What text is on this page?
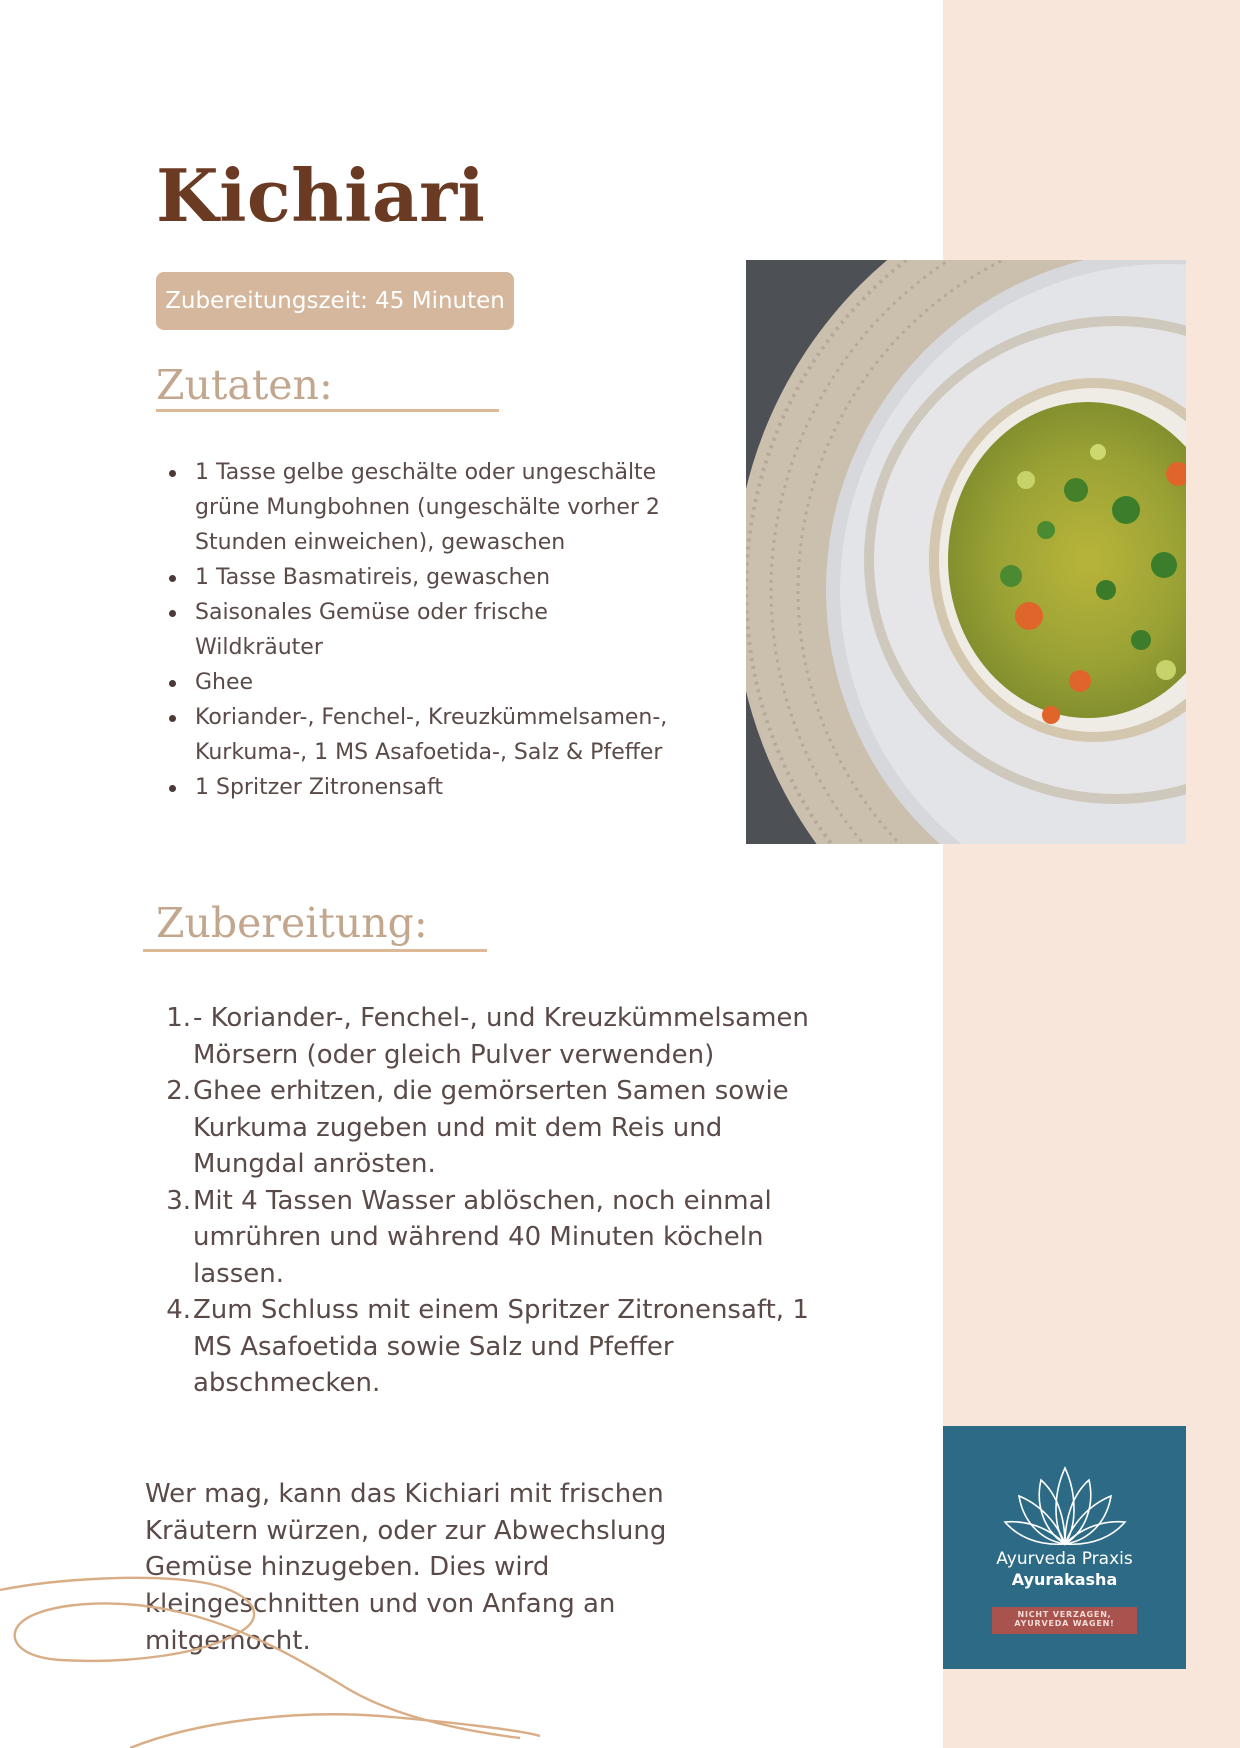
Kichiari
Zubereitungszeit: 45 Minuten
Zutaten:
1 Tasse gelbe geschälte oder ungeschälte grüne Mungbohnen (ungeschälte vorher 2 Stunden einweichen), gewaschen
1 Tasse Basmatireis, gewaschen
Saisonales Gemüse oder frische Wildkräuter
Ghee
Koriander-, Fenchel-, Kreuzkümmelsamen-, Kurkuma-, 1 MS Asafoetida-, Salz & Pfeffer
1 Spritzer Zitronensaft
Zubereitung:
1. - Koriander-, Fenchel-, und Kreuzkümmelsamen Mörsern (oder gleich Pulver verwenden)
2. Ghee erhitzen, die gemörserten Samen sowie Kurkuma zugeben und mit dem Reis und Mungdal anrösten.
3. Mit 4 Tassen Wasser ablöschen, noch einmal umrühren und während 40 Minuten köcheln lassen.
4. Zum Schluss mit einem Spritzer Zitronensaft, 1 MS Asafoetida sowie Salz und Pfeffer abschmecken.

Wer mag, kann das Kichiari mit frischen Kräutern würzen, oder zur Abwechslung Gemüse hinzugeben. Dies wird kleingeschnitten und von Anfang an mitgemocht.

Ayurveda Praxis
Ayurakasha
NICHT VERZAGEN,
AYURVEDA WAGEN!
